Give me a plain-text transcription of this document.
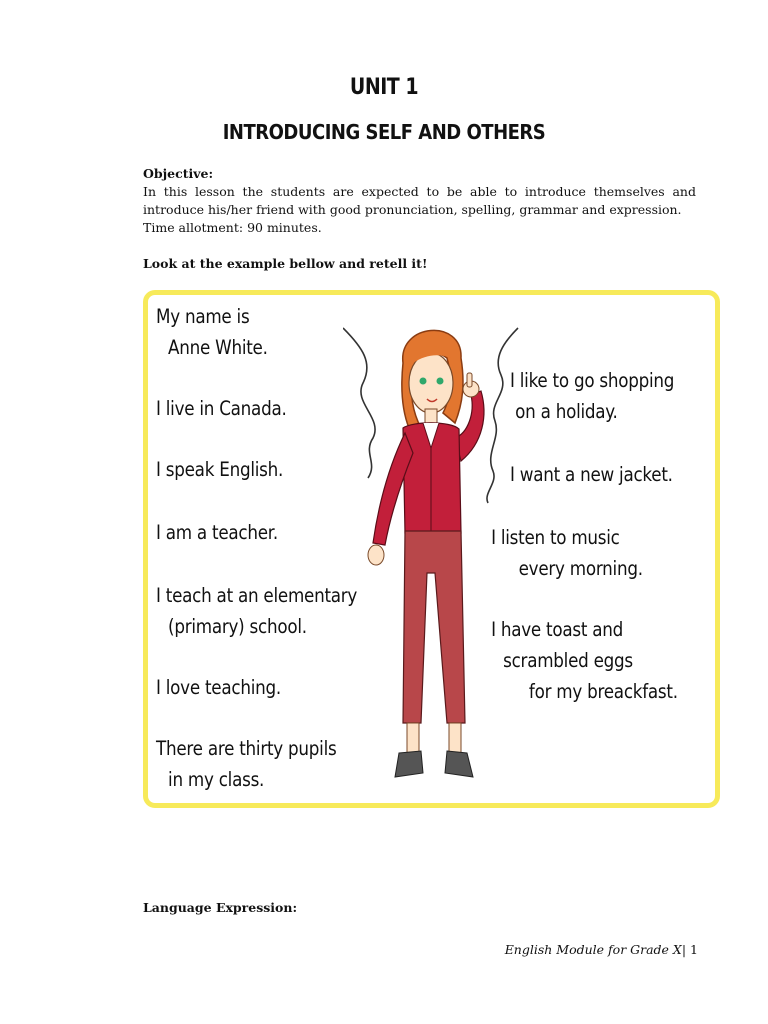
UNIT 1
INTRODUCING SELF AND OTHERS
Objective:

In this lesson the students are expected to be able to introduce themselves and introduce his/her friend with good pronunciation, spelling, grammar and expression.

Time allotment: 90 minutes.

Look at the example bellow and retell it!
My name is
Anne White.
I live in Canada.
I speak English.
I am a teacher.
I teach at an elementary
(primary) school.
I love teaching.
There are thirty pupils
in my class.
I like to go shopping
on a holiday.
I want a new jacket.
I listen to music
every morning.
I have toast and
scrambled eggs
for my breackfast.
Language Expression:
English Module for Grade X| 1
